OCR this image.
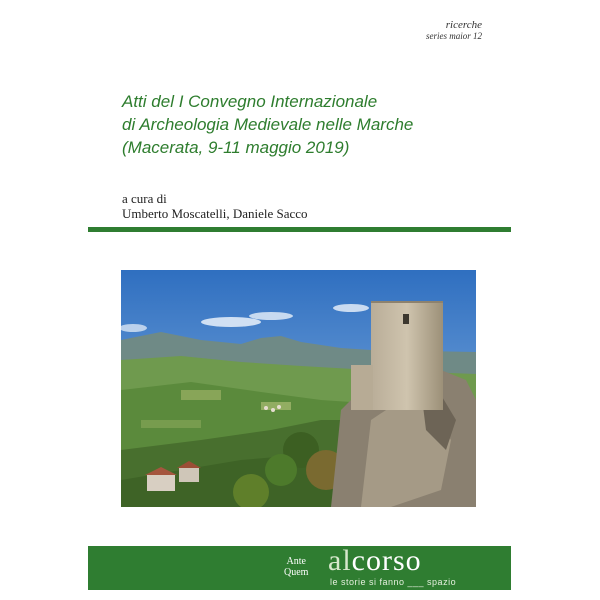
ricerche
series maior 12
Atti del I Convegno Internazionale
di Archeologia Medievale nelle Marche
(Macerata, 9-11 maggio 2019)
a cura di
Umberto Moscatelli, Daniele Sacco
Ante
Quem alcorso
le storie si fanno ___ spazio
